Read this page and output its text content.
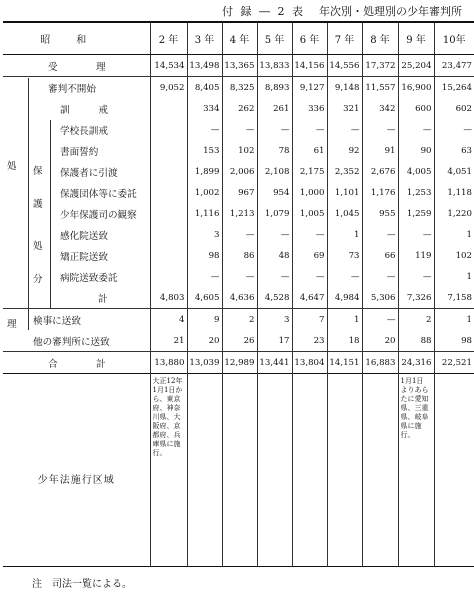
付 録 ― 2 表 年次別・処理別の少年審判所
昭和	2 年	3 年	4 年	5 年	6 年	7 年	8 年	9 年	10年
受　　　　理	14,534	13,498	13,365	13,833	14,156	14,556	17,372	25,204	23,477
審判不開始	9,052	8,405	8,325	8,893	9,127	9,148	11,557	16,900	15,264
訓　　　戒		334	262	261	336	321	342	600	602
学校長訓戒		—	—	—	—	—	—	—	—
書面誓約		153	102	78	61	92	91	90	63
保護者に引渡		1,899	2,006	2,108	2,175	2,352	2,676	4,005	4,051
保護団体等に委託		1,002	967	954	1,000	1,101	1,176	1,253	1,118
少年保護司の観察		1,116	1,213	1,079	1,005	1,045	955	1,259	1,220
感化院送致		3	—	—	—	1	—	—	1
矯正院送致		98	86	48	69	73	66	119	102
病院送致委託		—	—	—	—	—	—	—	1
計	4,803	4,605	4,636	4,528	4,647	4,984	5,306	7,326	7,158
検事に送致	4	9	2	3	7	1	—	2	1
他の審判所に送致	21	20	26	17	23	18	20	88	98
合　　　　計	13,880	13,039	12,989	13,441	13,804	14,151	16,883	24,316	22,521

少年法施行区域	大正12年1月1日から、東京府、神奈川県、大阪府、京都府、兵庫県に施行。							1月1日よりあらたに愛知県、三重県、岐阜県に施行。	

処
理
保
護
処
分
注　司法一覧による。
